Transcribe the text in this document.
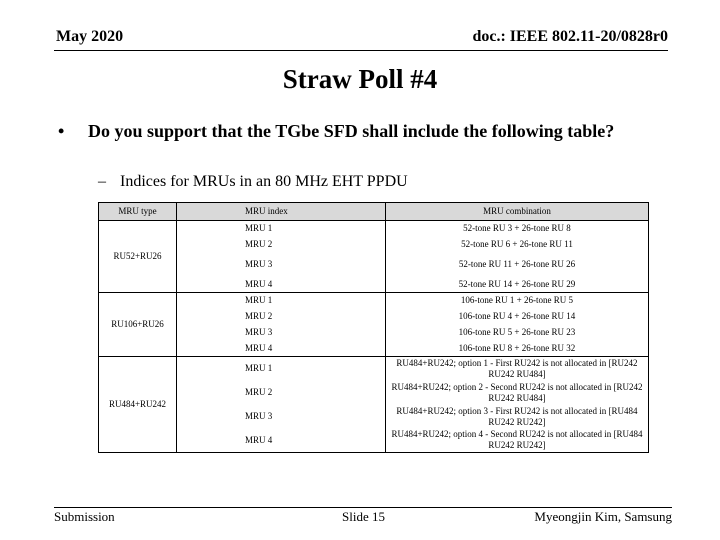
May 2020	doc.: IEEE 802.11-20/0828r0
Straw Poll #4
• Do you support that the TGbe SFD shall include the following table?
– Indices for MRUs in an 80 MHz EHT PPDU
MRU type	MRU index	MRU combination
RU52+RU26	MRU 1	52-tone RU 3 + 26-tone RU 8
	MRU 2	52-tone RU 6 + 26-tone RU 11
	MRU 3	52-tone RU 11 + 26-tone RU 26
	MRU 4	52-tone RU 14 + 26-tone RU 29
RU106+RU26	MRU 1	106-tone RU 1 + 26-tone RU 5
	MRU 2	106-tone RU 4 + 26-tone RU 14
	MRU 3	106-tone RU 5 + 26-tone RU 23
	MRU 4	106-tone RU 8 + 26-tone RU 32
RU484+RU242	MRU 1	RU484+RU242; option 1 - First RU242 is not allocated in [RU242 RU242 RU484]
	MRU 2	RU484+RU242; option 2 - Second RU242 is not allocated in [RU242 RU242 RU484]
	MRU 3	RU484+RU242; option 3 - First RU242 is not allocated in [RU484 RU242 RU242]
	MRU 4	RU484+RU242; option 4 - Second RU242 is not allocated in [RU484 RU242 RU242]
Submission	Slide 15	Myeongjin Kim, Samsung
